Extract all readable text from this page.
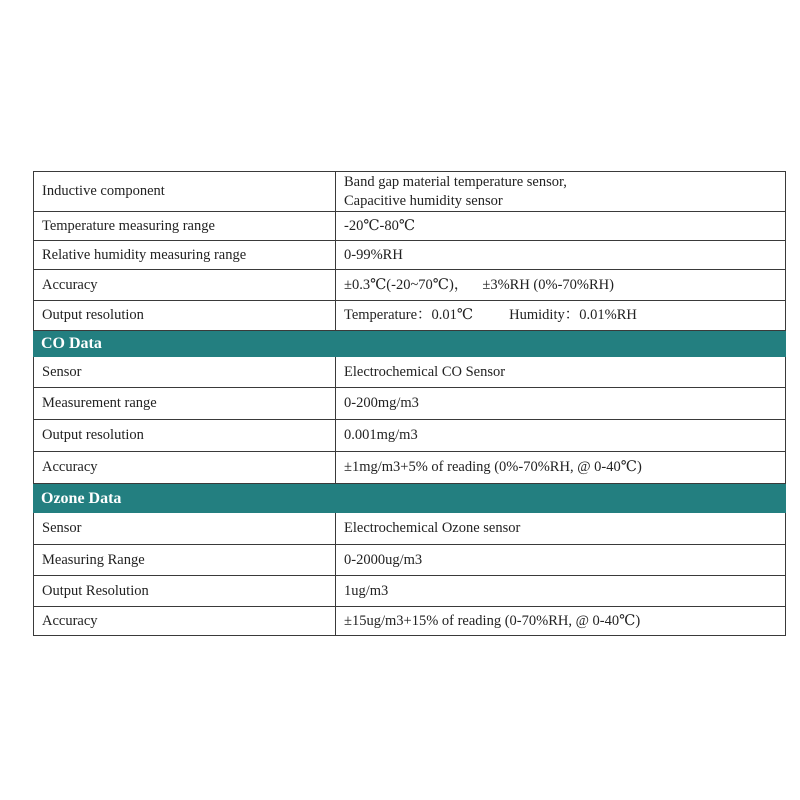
Inductive component	Band gap material temperature sensor,
Capacitive humidity sensor

Temperature measuring range	-20℃-80℃
Relative humidity measuring range	0-99%RH
Accuracy	±0.3℃(-20~70℃)， ±3%RH (0%-70%RH)
Output resolution	Temperature：0.01℃ Humidity：0.01%RH
CO Data	
Sensor	Electrochemical CO Sensor
Measurement range	0-200mg/m3
Output resolution	0.001mg/m3
Accuracy	±1mg/m3+5% of reading (0%-70%RH, @ 0-40℃)
Ozone Data	
Sensor	Electrochemical Ozone sensor
Measuring Range	0-2000ug/m3
Output Resolution	1ug/m3
Accuracy	±15ug/m3+15% of reading (0-70%RH, @ 0-40℃)
